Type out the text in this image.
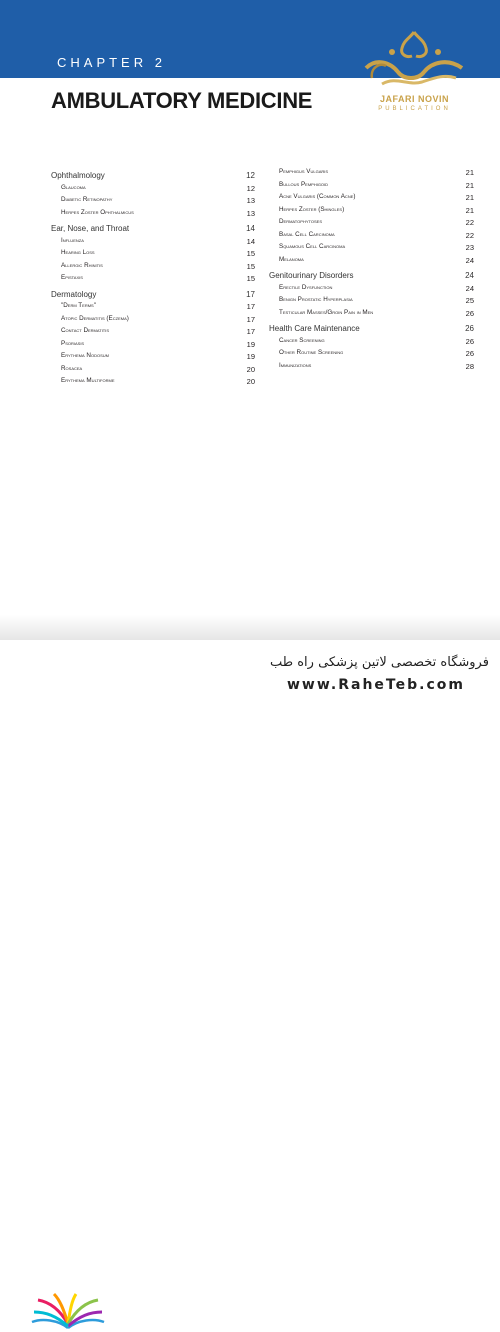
CHAPTER 2
JAFARI NOVIN
PUBLICATION
AMBULATORY MEDICINE
Ophthalmology	12
Glaucoma	12
Diabetic Retinopathy	13
Herpes Zoster Ophthalmicus	13
Ear, Nose, and Throat	14
Influenza	14
Hearing Loss	15
Allergic Rhinitis	15
Epistaxis	15
Dermatology	17
"Derm Terms"	17
Atopic Dermatitis (Eczema)	17
Contact Dermatitis	17
Psoriasis	19
Erythema Nodosum	19
Rosacea	20
Erythema Multiforme	20
Pemphigus Vulgaris	21
Bullous Pemphigoid	21
Acne Vulgaris (Common Acne)	21
Herpes Zoster (Shingles)	21
Dermatophytoses	22
Basal Cell Carcinoma	22
Squamous Cell Carcinoma	23
Melanoma	24
Genitourinary Disorders	24
Erectile Dysfunction	24
Benign Prostatic Hyperplasia	25
Testicular Masses/Groin Pain in Men	26
Health Care Maintenance	26
Cancer Screening	26
Other Routine Screening	26
Immunizations	28
فروشگاه تخصصی لاتین پزشکی راه طب
www.RaheTeb.com
